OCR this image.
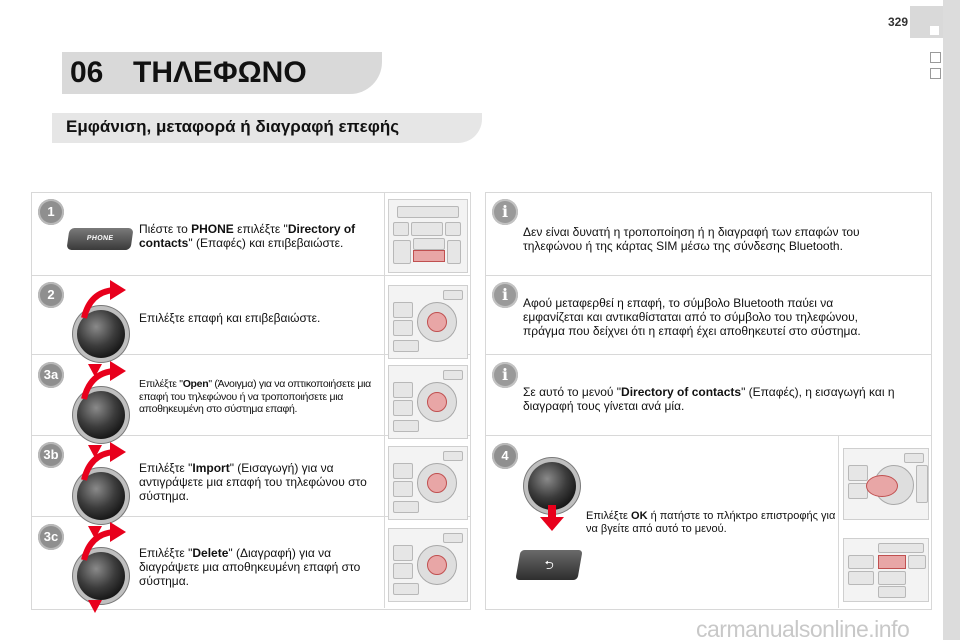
329
06 ΤΗΛΕΦΩΝΟ
Εμφάνιση, μεταφορά ή διαγραφή επεφής
1
PHONE
Πιέστε το PHONE επιλέξτε "Directory of contacts" (Επαφές) και επιβεβαιώστε.
2
Επιλέξτε επαφή και επιβεβαιώστε.
3a
Επιλέξτε "Open" (Άνοιγμα) για να οπτικοποιήσετε μια επαφή του τηλεφώνου ή να τροποποιήσετε μια αποθηκευμένη στο σύστημα επαφή.
3b
Επιλέξτε "Import" (Εισαγωγή) για να αντιγράψετε μια επαφή του τηλεφώνου στο σύστημα.
3c
Επιλέξτε "Delete" (Διαγραφή) για να διαγράψετε μια αποθηκευμένη επαφή στο σύστημα.
i
Δεν είναι δυνατή η τροποποίηση ή η διαγραφή των επαφών του τηλεφώνου ή της κάρτας SIM μέσω της σύνδεσης Bluetooth.
i	Αφού μεταφερθεί η επαφή, το σύμβολο Bluetooth παύει να εμφανίζεται και αντικαθίσταται από το σύμβολο του τηλεφώνου, πράγμα που δείχνει ότι η επαφή έχει αποθηκευτεί στο σύστημα.
i
Σε αυτό το μενού "Directory of contacts" (Επαφές), η εισαγωγή και η διαγραφή τους γίνεται ανά μία.
4
⮌
Επιλέξτε OK ή πατήστε το πλήκτρο επιστροφής για να βγείτε από αυτό το μενού.
carmanualsonline.info
